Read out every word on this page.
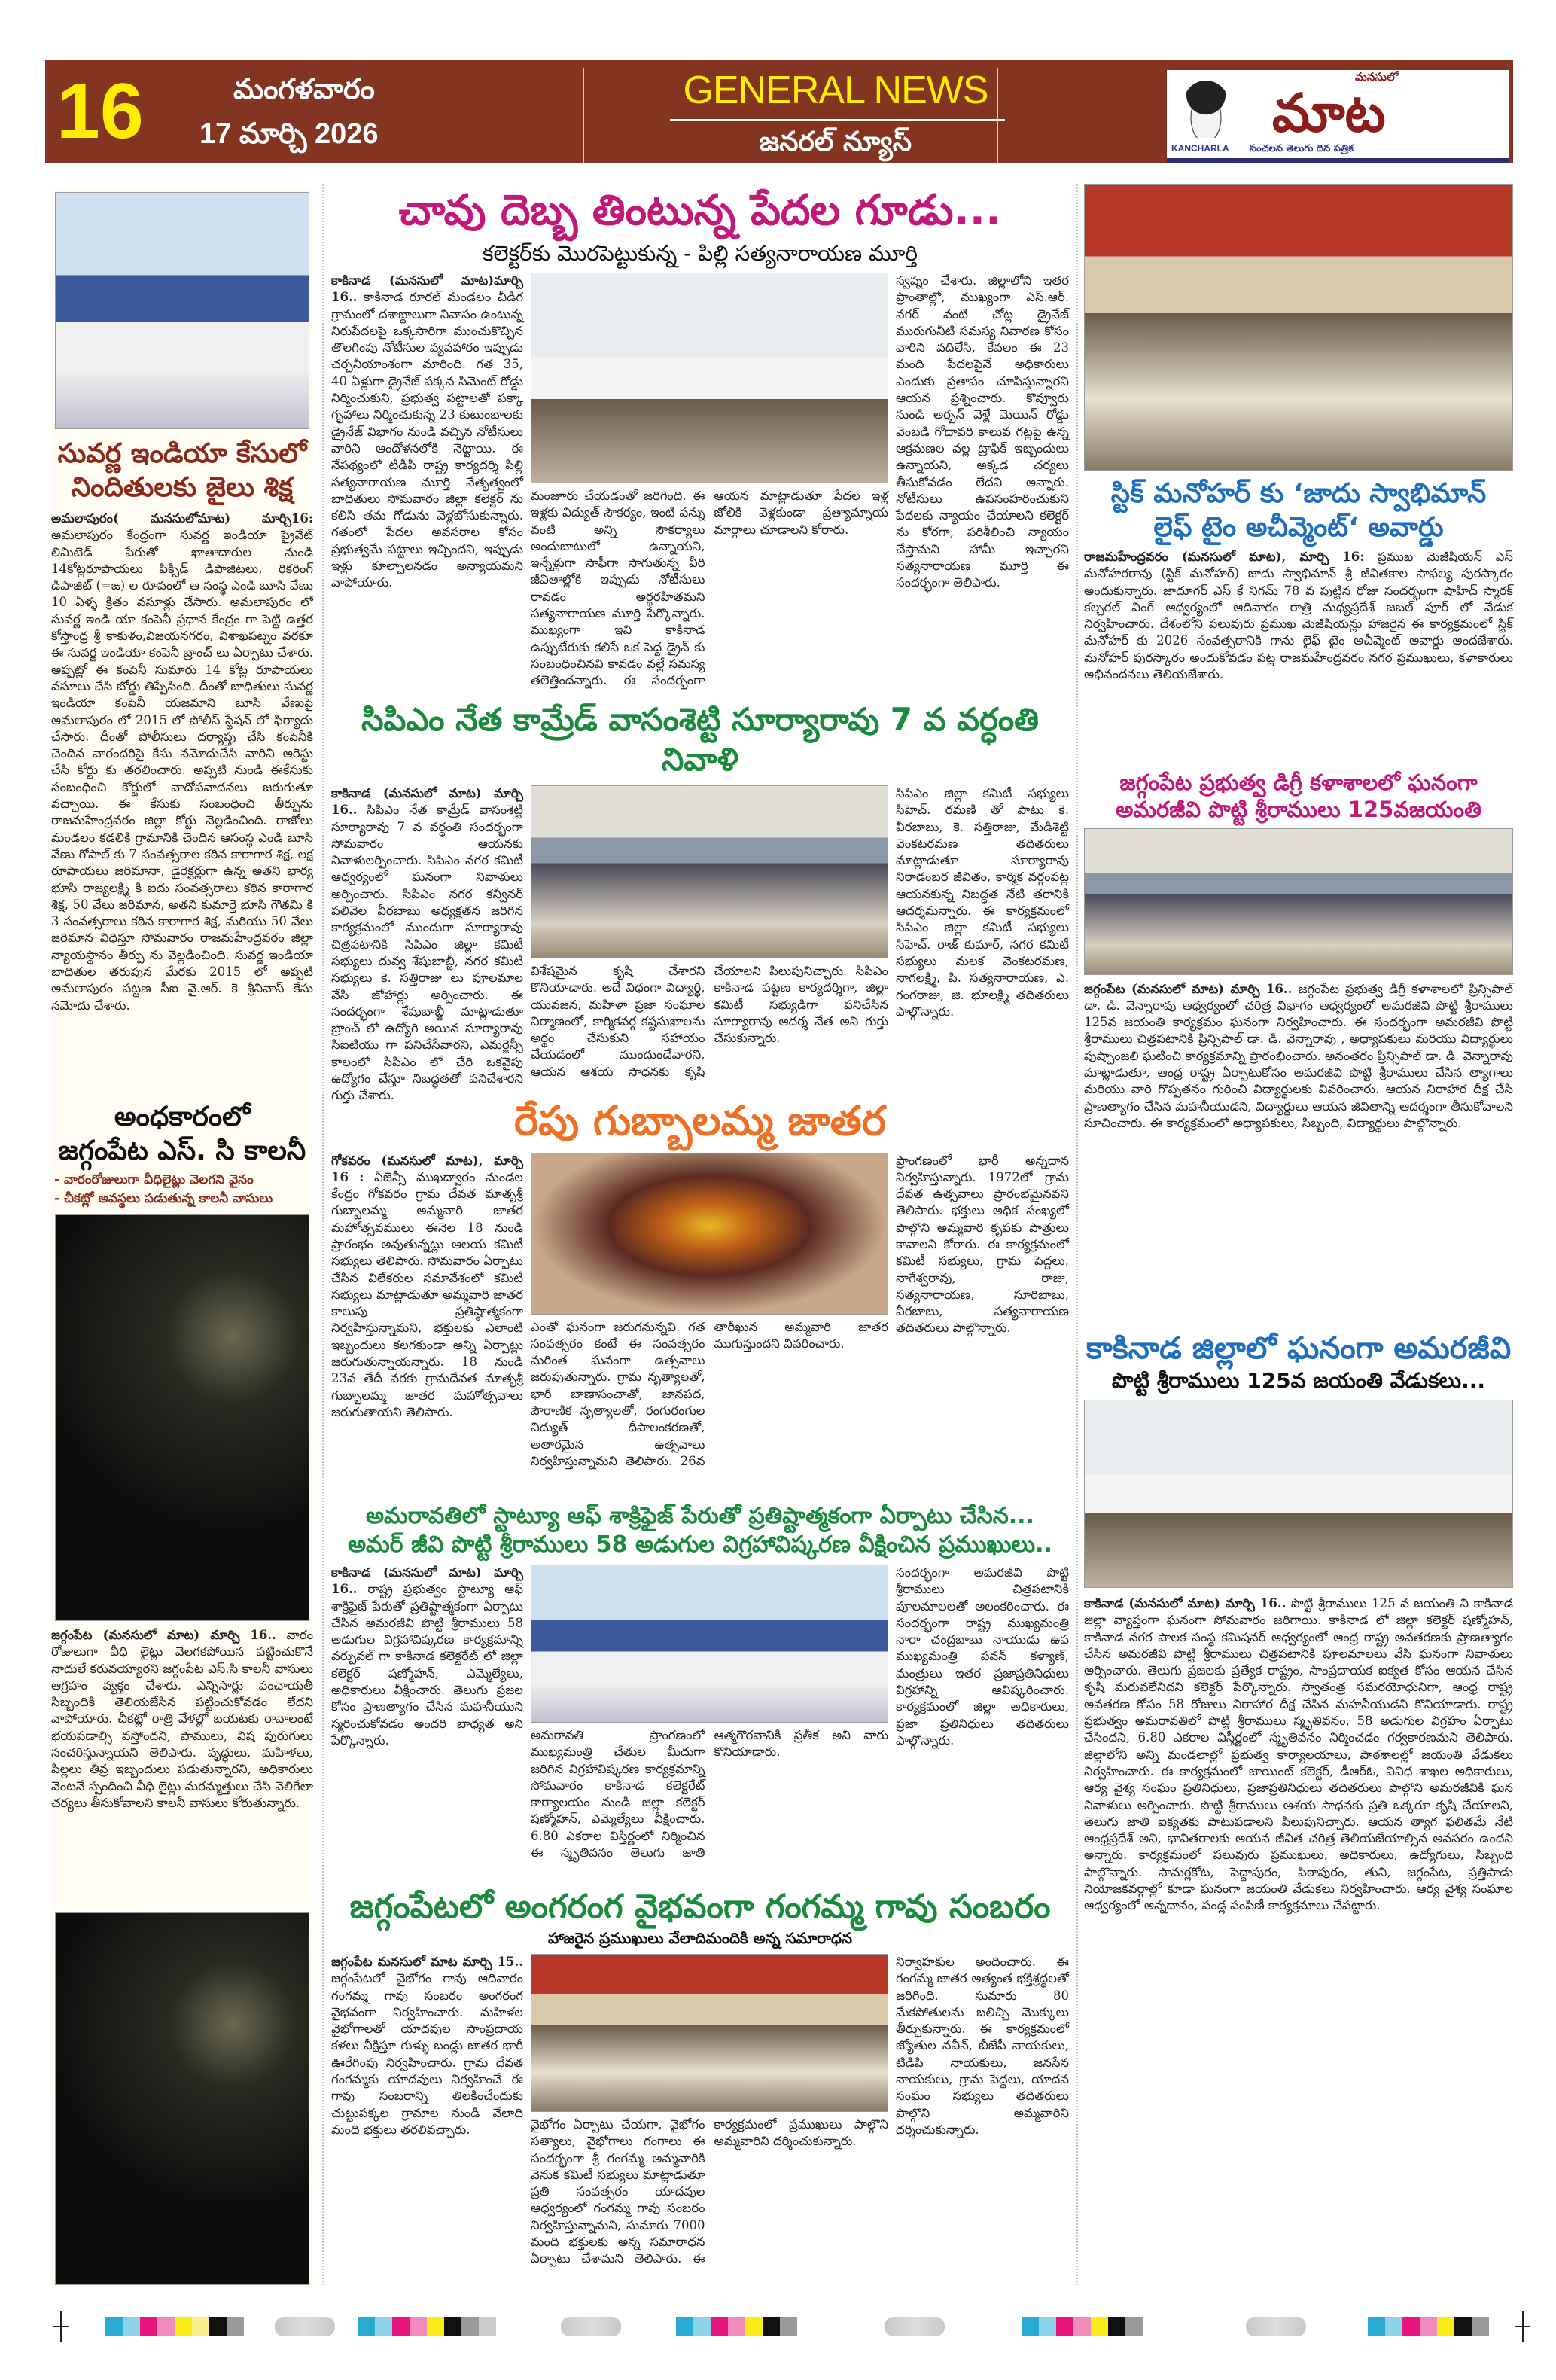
16	మంగళవారం
17 మార్చి 2026
GENERAL NEWS
జనరల్ న్యూస్
మనసులో
మాట
KANCHARLA సంచలన తెలుగు దిన పత్రిక
సువర్ణ ఇండియా కేసులో
నిందితులకు జైలు శిక్ష
అమలాపురం( మనసులోమాట) మార్చి16: అమలాపురం కేంద్రంగా సువర్ణ ఇండియా ప్రైవేట్ లిమిటెడ్ పేరుతో ఖాతాదారుల నుండి 14కోట్లరూపాయలు ఫిక్సిడ్ డిపాజిటలు, రికరింగ్ డిపాజిట్ (=ఙ) ల రూపంలో ఆ సంస్థ ఎండి బూసి వేణు 10 ఏళ్ళ క్రితం వసూళ్లు చేసారు. అమలాపురం లో సువర్ణ ఇండి యా కంపెనీ ప్రధాన కేంద్రం గా పెట్టి ఉత్తర కోస్తాంధ్ర శ్రీ కాకుళం,విజయనగరం, విశాఖపట్నం వరకూ ఈ సువర్ణ ఇండియా కంపెనీ బ్రాంచ్ లు ఏర్పాటు చేశారు. అప్పట్లో ఈ కంపెనీ సుమారు 14 కోట్ల రూపాయలు వసూలు చేసి బోర్డు తిప్పేసింది. దీంతో బాధితులు సువర్ణ ఇండియా కంపెనీ యజమాని బూసి వేణుపై అమలాపురం లో 2015 లో పోలీస్ స్టేషన్ లో ఫిర్యాదు చేసారు. దీంతో పోలీసులు దర్యాప్తు చేసి కంపెనీకి చెందిన వారందరిపై కేసు నమోదుచేసి వారిని అరెస్టు చేసి కోర్టు కు తరలించారు. అప్పటి నుండి ఈకేసుకు సంబంధించి కోర్టులో వాదోపవాదనలు జరుగుతూ వచ్చాయి. ఈ కేసుకు సంబంధించి తీర్పును రాజమహేంద్రవరం జిల్లా కోర్టు వెల్లడించింది. రాజోలు మండలం కడలికి గ్రామానికి చెందిన ఆసంస్థ ఎండి బూసి వేణు గోపాల్ కు 7 సంవత్సరాల కఠిన కారాగార శిక్ష, లక్ష రూపాయలు జరిమానా, డైరెక్టర్లుగా ఉన్న అతని భార్య భూసి రాజ్యలక్ష్మి కి ఐదు సంవత్సరాలు కఠిన కారాగార శిక్ష, 50 వేలు జరిమాన, అతని కుమార్తె భూసి గౌతమి కి 3 సంవత్సరాలు కఠిన కారాగార శిక్ష, మరియు 50 వేలు జరిమాన విధిస్తూ సోమవారం రాజమహేంద్రవరం జిల్లా న్యాయస్థానం తీర్పు ను వెల్లడించింది. సువర్ణ ఇండియా బాధితుల తరుపున మేరకు 2015 లో అప్పటి అమలాపురం పట్టణ సీఐ వై.ఆర్. కె శ్రీనివాస్ కేసు నమోదు చేశారు.
అంధకారంలో
జగ్గంపేట ఎస్. సి కాలనీ
- వారంరోజులుగా వీధిలైట్లు వెలగని వైనం
- చీకట్లో అవస్థలు పడుతున్న కాలనీ వాసులు
జగ్గంపేట (మనసులో మాట) మార్చి 16.. వారం రోజులుగా వీధి లైట్లు వెలగకపోయిన పట్టించుకొనే నాదులే కరువయ్యారని జగ్గంపేట ఎస్.సి కాలనీ వాసులు ఆగ్రహం వ్యక్తం చేశారు. ఎన్నిసార్లు పంచాయతీ సిబ్బందికి తెలియజేసిన పట్టించుకోవడం లేదని వాపోయారు. చీకట్లో రాత్రి వేళల్లో బయటకు రావాలంటే భయపడాల్సి వస్తోందని, పాములు, విష పురుగులు సంచరిస్తున్నాయని తెలిపారు. వృద్ధులు, మహిళలు, పిల్లలు తీవ్ర ఇబ్బందులు పడుతున్నారని, అధికారులు వెంటనే స్పందించి వీధి లైట్లు మరమ్మత్తులు చేసి వెలిగేలా చర్యలు తీసుకోవాలని కాలనీ వాసులు కోరుతున్నారు.
చావు దెబ్బ తింటున్న పేదల గూడు...
కలెక్టర్‌కు మొరపెట్టుకున్న - పిల్లి సత్యనారాయణ మూర్తి
కాకినాడ (మనసులో మాట)మార్చి 16.. కాకినాడ రూరల్ మండలం చీడిగ గ్రామంలో దశాబ్దాలుగా నివాసం ఉంటున్న నిరుపేదలపై ఒక్కసారిగా ముంచుకొచ్చిన తొలగింపు నోటీసుల వ్యవహారం ఇప్పుడు చర్చనీయాంశంగా మారింది. గత 35, 40 ఏళ్లుగా డ్రైనేజ్ పక్కన సిమెంట్ రోడ్డు నిర్మించుకుని, ప్రభుత్వ పట్టాలతో పక్కా గృహాలు నిర్మించుకున్న 23 కుటుంబాలకు డ్రైనేజ్ విభాగం నుండి వచ్చిన నోటీసులు వారిని ఆందోళనలోకి నెట్టాయి. ఈ నేపథ్యంలో టీడీపీ రాష్ట్ర కార్యదర్శి పిల్లి సత్యనారాయణ మూర్తి నేతృత్వంలో బాధితులు సోమవారం జిల్లా కలెక్టర్ ను కలిసి తమ గోడును వెళ్లబోసుకున్నారు. గతంలో పేదల అవసరాల కోసం ప్రభుత్వమే పట్టాలు ఇచ్చిందని, ఇప్పుడు ఇళ్లు కూల్చాలనడం అన్యాయమని వాపోయారు.
మంజూరు చేయడంతో జరిగింది. ఈ ఇళ్లకు విద్యుత్ సౌకర్యం, ఇంటి పన్ను వంటి అన్ని సౌకర్యాలు అందుబాటులో ఉన్నాయని, ఇన్నేళ్లుగా సాఫీగా సాగుతున్న వీరి జీవితాల్లోకి ఇప్పుడు నోటీసులు రావడం అర్థరహితమని సత్యనారాయణ మూర్తి పేర్కొన్నారు. ముఖ్యంగా ఇవి కాకినాడ ఉప్పుటేరుకు కలిసే ఒక పెద్ద డ్రైన్ కు సంబంధించినవి కావడం వల్లే సమస్య తలెత్తిందన్నారు. ఈ సందర్భంగా ఆయన మాట్లాడుతూ పేదల ఇళ్ల జోలికి వెళ్లకుండా ప్రత్యామ్నాయ మార్గాలు చూడాలని కోరారు.
స్వప్నం చేశారు. జిల్లాలోని ఇతర ప్రాంతాల్లో, ముఖ్యంగా ఎస్.ఆర్. నగర్ వంటి చోట్ల డ్రైనేజ్ మురుగునీటి సమస్య నివారణ కోసం వారిని వదిలేసి, కేవలం ఈ 23 మంది పేదలపైనే అధికారులు ఎందుకు ప్రతాపం చూపిస్తున్నారని ఆయన ప్రశ్నించారు. కొవ్వూరు నుండి అర్బన్ వెళ్లే మెయిన్ రోడ్డు వెంబడి గోదావరి కాలువ గట్లపై ఉన్న ఆక్రమణల వల్ల ట్రాఫిక్ ఇబ్బందులు ఉన్నాయని, అక్కడ చర్యలు తీసుకోవడం లేదని అన్నారు. నోటీసులు ఉపసంహరించుకుని పేదలకు న్యాయం చేయాలని కలెక్టర్ ను కోరగా, పరిశీలించి న్యాయం చేస్తామని హామీ ఇచ్చారని సత్యనారాయణ మూర్తి ఈ సందర్భంగా తెలిపారు.
సిపిఎం నేత కామ్రేడ్ వాసంశెట్టి సూర్యారావు 7 వ వర్ధంతి నివాళి
కాకినాడ (మనసులో మాట) మార్చి 16.. సిపిఎం నేత కామ్రేడ్ వాసంశెట్టి సూర్యారావు 7 వ వర్ధంతి సందర్భంగా సోమవారం ఆయనకు నివాళులర్పించారు. సిపిఎం నగర కమిటీ ఆధ్వర్యంలో ఘనంగా నివాళులు అర్పించారు. సిపిఎం నగర కన్వీనర్ పలివెల వీరబాబు అధ్యక్షతన జరిగిన కార్యక్రమంలో ముందుగా సూర్యారావు చిత్రపటానికి సిపిఎం జిల్లా కమిటీ సభ్యులు దువ్వ శేషుబాబ్జీ, నగర కమిటీ సభ్యులు కె. సత్తిరాజు లు పూలమాల వేసి జోహార్లు అర్పించారు. ఈ సందర్భంగా శేషుబాబ్జీ మాట్లాడుతూ బ్రాంచ్ లో ఉద్యోగి అయిన సూర్యారావు సిఐటియు గా పనిచేసేవారని, ఎమర్జెన్సీ కాలంలో సిపిఎం లో చేరి ఒకవైపు ఉద్యోగం చేస్తూ నిబద్ధతతో పనిచేశారని గుర్తు చేశారు.
విశేషమైన కృషి చేశారని కొనియాడారు. అదే విధంగా విద్యార్థి, యువజన, మహిళా ప్రజా సంఘాల నిర్మాణంలో, కార్మికవర్గ కష్టసుఖాలను అర్థం చేసుకుని సహాయం చేయడంలో ముందుండేవారని, ఆయన ఆశయ సాధనకు కృషి చేయాలని పిలుపునిచ్చారు. సిపిఎం కాకినాడ పట్టణ కార్యదర్శిగా, జిల్లా కమిటీ సభ్యుడిగా పనిచేసిన సూర్యారావు ఆదర్శ నేత అని గుర్తు చేసుకున్నారు.
సిపిఎం జిల్లా కమిటీ సభ్యులు సిహెచ్. రమణి తో పాటు కె. వీరబాబు, కె. సత్తిరాజు, మేడిశెట్టి వెంకటరమణ తదితరులు మాట్లాడుతూ సూర్యారావు నిరాడంబర జీవితం, కార్మిక వర్గంపట్ల ఆయనకున్న నిబద్ధత నేటి తరానికి ఆదర్శమన్నారు. ఈ కార్యక్రమంలో సిపిఎం జిల్లా కమిటీ సభ్యులు సిహెచ్. రాజ్ కుమార్, నగర కమిటీ సభ్యులు మలక వెంకటరమణ, నాగలక్ష్మి, పి. సత్యనారాయణ, ఎ. గంగరాజు, జి. భూలక్ష్మి తదితరులు పాల్గొన్నారు.
రేపు గుబ్బాలమ్మ జాతర
గోకవరం (మనసులో మాట), మార్చి 16 : ఏజెన్సీ ముఖద్వారం మండల కేంద్రం గోకవరం గ్రామ దేవత మాతృశ్రీ గుబ్బాలమ్మ అమ్మవారి జాతర మహోత్సవములు ఈనెల 18 నుండి ప్రారంభం అవుతున్నట్లు ఆలయ కమిటీ సభ్యులు తెలిపారు. సోమవారం ఏర్పాటు చేసిన విలేకరుల సమావేశంలో కమిటీ సభ్యులు మాట్లాడుతూ అమ్మవారి జాతర కాలుపు ప్రతిష్ఠాత్మకంగా నిర్వహిస్తున్నామని, భక్తులకు ఎలాంటి ఇబ్బందులు కలగకుండా అన్ని ఏర్పాట్లు జరుగుతున్నాయన్నారు. 18 నుండి 23వ తేదీ వరకు గ్రామదేవత మాతృశ్రీ గుబ్బాలమ్మ జాతర మహోత్సవాలు జరుగుతాయని తెలిపారు.
ఎంతో ఘనంగా జరుగనున్నవి. గత సంవత్సరం కంటే ఈ సంవత్సరం మరింత ఘనంగా ఉత్సవాలు జరుపుతున్నారు. గ్రామ నృత్యాలతో, భారీ బాణాసంచాతో, జానపద, పౌరాణిక నృత్యాలతో, రంగురంగుల విద్యుత్ దీపాలంకరణతో, అతారమైన ఉత్సవాలు నిర్వహిస్తున్నామని తెలిపారు. 26వ తారీఖున అమ్మవారి జాతర ముగుస్తుందని వివరించారు.
ప్రాంగణంలో భారీ అన్నదాన నిర్వహిస్తున్నారు. 1972లో గ్రామ దేవత ఉత్సవాలు ప్రారంభమైనవని తెలిపారు. భక్తులు అధిక సంఖ్యలో పాల్గొని అమ్మవారి కృపకు పాత్రులు కావాలని కోరారు. ఈ కార్యక్రమంలో కమిటీ సభ్యులు, గ్రామ పెద్దలు, నాగేశ్వరావు, రాజు, సత్యనారాయణ, సూరిబాబు, వీరబాబు, సత్యనారాయణ తదితరులు పాల్గొన్నారు.
అమరావతిలో స్టాట్యూ ఆఫ్ శాక్రిఫైజ్ పేరుతో ప్రతిష్టాత్మకంగా ఏర్పాటు చేసిన...
అమర్ జీవి పొట్టి శ్రీరాములు 58 అడుగుల విగ్రహావిష్కరణ వీక్షించిన ప్రముఖులు..
కాకినాడ (మనసులో మాట) మార్చి 16.. రాష్ట్ర ప్రభుత్వం స్టాట్యూ ఆఫ్ శాక్రిఫైజ్ పేరుతో ప్రతిష్టాత్మకంగా ఏర్పాటు చేసిన అమరజీవి పొట్టి శ్రీరాములు 58 అడుగుల విగ్రహావిష్కరణ కార్యక్రమాన్ని వర్చువల్ గా కాకినాడ కలెక్టరేట్ లో జిల్లా కలెక్టర్ షణ్మోహన్, ఎమ్మెల్యేలు, అధికారులు వీక్షించారు. తెలుగు ప్రజల కోసం ప్రాణత్యాగం చేసిన మహనీయుని స్మరించుకోవడం అందరి బాధ్యత అని పేర్కొన్నారు.	అమరావతి ప్రాంగణంలో ముఖ్యమంత్రి చేతుల మీదుగా జరిగిన విగ్రహావిష్కరణ కార్యక్రమాన్ని సోమవారం కాకినాడ కలెక్టరేట్ కార్యాలయం నుండి జిల్లా కలెక్టర్ షణ్మోహన్, ఎమ్మెల్యేలు వీక్షించారు. 6.80 ఎకరాల విస్తీర్ణంలో నిర్మించిన ఈ స్మృతివనం తెలుగు జాతి ఆత్మగౌరవానికి ప్రతీక అని వారు కొనియాడారు.
సందర్భంగా అమరజీవి పొట్టి శ్రీరాములు చిత్రపటానికి పూలమాలలతో అలంకరించారు. ఈ సందర్భంగా రాష్ట్ర ముఖ్యమంత్రి నారా చంద్రబాబు నాయుడు ఉప ముఖ్యమంత్రి పవన్ కళ్యాణ్, మంత్రులు ఇతర ప్రజాప్రతినిధులు విగ్రహాన్ని ఆవిష్కరించారు. కార్యక్రమంలో జిల్లా అధికారులు, ప్రజా ప్రతినిధులు తదితరులు పాల్గొన్నారు.
జగ్గంపేటలో అంగరంగ వైభవంగా గంగమ్మ గావు సంబరం
హాజరైన ప్రముఖులు వేలాదిమందికి అన్న సమారాధన
జగ్గంపేట మనసులో మాట మార్చి 15.. జగ్గంపేటలో వైభోగం గావు ఆదివారం గంగమ్మ గావు సంబరం అంగరంగ వైభవంగా నిర్వహించారు. మహిళల వైభోగాలతో యాదవుల సాంప్రదాయ కళలు వీక్షిస్తూ గుళ్ళు బండ్లు జాతర భారీ ఊరేగింపు నిర్వహించారు. గ్రామ దేవత గంగమ్మకు యాదవులు నిర్వహించే ఈ గావు సంబరాన్ని తిలకించేందుకు చుట్టుపక్కల గ్రామాల నుండి వేలాది మంది భక్తులు తరలివచ్చారు.	వైభోగం ఏర్పాటు చేయగా, వైభోగం సత్యాలు, వైభోగాలు గంగాలు ఈ సందర్భంగా శ్రీ గంగమ్మ అమ్మవారికి వెనుక కమిటీ సభ్యులు మాట్లాడుతూ ప్రతి సంవత్సరం యాదవుల ఆధ్వర్యంలో గంగమ్మ గావు సంబరం నిర్వహిస్తున్నామని, సుమారు 7000 మంది భక్తులకు అన్న సమారాధన ఏర్పాటు చేశామని తెలిపారు. ఈ కార్యక్రమంలో ప్రముఖులు పాల్గొని అమ్మవారిని దర్శించుకున్నారు.
నిర్వాహకుల అందించారు. ఈ గంగమ్మ జాతర అత్యంత భక్తిశ్రద్ధలతో జరిగింది. సుమారు 80 మేకపోతులను బలిచ్చి మొక్కులు తీర్చుకున్నారు. ఈ కార్యక్రమంలో జ్యోతుల నవీన్, బీజేపీ నాయకులు, టిడిపి నాయకులు, జనసేన నాయకులు, గ్రామ పెద్దలు, యాదవ సంఘం సభ్యులు తదితరులు పాల్గొని అమ్మవారిని దర్శించుకున్నారు.
స్టిక్ మనోహర్ కు ‘జాదు స్వాభిమాన్
లైఫ్ టైం అచీవ్మెంట్‘ అవార్డు
రాజమహేంద్రవరం (మనసులో మాట), మార్చి 16: ప్రముఖ మెజీషియన్ ఎస్ మనోహరరావు (స్టిక్ మనోహర్) జాదు స్వాభిమాన్ శ్రీ జీవితకాల సాఫల్య పురస్కారం అందుకున్నారు. జాదూగర్ ఎస్ కే నిగమ్ 78 వ పుట్టిన రోజు సందర్భంగా షాహిద్ స్మారక్ కల్చరల్ వింగ్ ఆధ్వర్యంలో ఆదివారం రాత్రి మధ్యప్రదేశ్ జబల్ పూర్ లో వేడుక నిర్వహించారు. దేశంలోని పలువురు ప్రముఖ మెజీషియన్లు హాజరైన ఈ కార్యక్రమంలో స్టిక్ మనోహర్ కు 2026 సంవత్సరానికి గాను లైఫ్ టైం అచీవ్మెంట్ అవార్డు అందజేశారు. మనోహర్ పురస్కారం అందుకోవడం పట్ల రాజమహేంద్రవరం నగర ప్రముఖులు, కళాకారులు అభినందనలు తెలియజేశారు.
జగ్గంపేట ప్రభుత్వ డిగ్రీ కళాశాలలో ఘనంగా
అమరజీవి పొట్టి శ్రీరాములు 125వజయంతి
జగ్గంపేట (మనసులో మాట) మార్చి 16.. జగ్గంపేట ప్రభుత్వ డిగ్రీ కళాశాలలో ప్రిన్సిపాల్ డా. డి. వెన్నారావు ఆధ్వర్యంలో చరిత్ర విభాగం ఆధ్వర్యంలో అమరజీవి పొట్టి శ్రీరాములు 125వ జయంతి కార్యక్రమం ఘనంగా నిర్వహించారు. ఈ సందర్భంగా అమరజీవి పొట్టి శ్రీరాములు చిత్రపటానికి ప్రిన్సిపాల్ డా. డి. వెన్నారావు , అధ్యాపకులు మరియు విద్యార్థులు పుష్పాంజలి ఘటించి కార్యక్రమాన్ని ప్రారంభించారు. అనంతరం ప్రిన్సిపాల్ డా. డి. వెన్నారావు మాట్లాడుతూ, ఆంధ్ర రాష్ట్ర ఏర్పాటుకోసం అమరజీవి పొట్టి శ్రీరాములు చేసిన త్యాగాలు మరియు వారి గొప్పతనం గురించి విద్యార్థులకు వివరించారు. ఆయన నిరాహార దీక్ష చేసి ప్రాణత్యాగం చేసిన మహనీయుడని, విద్యార్థులు ఆయన జీవితాన్ని ఆదర్శంగా తీసుకోవాలని సూచించారు. ఈ కార్యక్రమంలో అధ్యాపకులు, సిబ్బంది, విద్యార్థులు పాల్గొన్నారు.
కాకినాడ జిల్లాలో ఘనంగా అమరజీవి
పొట్టి శ్రీరాములు 125వ జయంతి వేడుకలు...
కాకినాడ (మనసులో మాట) మార్చి 16.. పొట్టి శ్రీరాములు 125 వ జయంతి ని కాకినాడ జిల్లా వ్యాప్తంగా ఘనంగా సోమవారం జరిగాయి. కాకినాడ లో జిల్లా కలెక్టర్ షణ్మోహన్, కాకినాడ నగర పాలక సంస్థ కమిషనర్ ఆధ్వర్యంలో ఆంధ్ర రాష్ట్ర అవతరణకు ప్రాణత్యాగం చేసిన అమరజీవి పొట్టి శ్రీరాములు చిత్రపటానికి పూలమాలలు వేసి ఘనంగా నివాళులు అర్పించారు. తెలుగు ప్రజలకు ప్రత్యేక రాష్ట్రం, సాంప్రదాయక ఐక్యత కోసం ఆయన చేసిన కృషి మరువలేనిదని కలెక్టర్ పేర్కొన్నారు. స్వాతంత్ర సమరయోధునిగా, ఆంధ్ర రాష్ట్ర అవతరణ కోసం 58 రోజులు నిరాహార దీక్ష చేసిన మహనీయుడని కొనియాడారు. రాష్ట్ర ప్రభుత్వం అమరావతిలో పొట్టి శ్రీరాములు స్మృతివనం, 58 అడుగుల విగ్రహం ఏర్పాటు చేసిందని, 6.80 ఎకరాల విస్తీర్ణంలో స్మృతివనం నిర్మించడం గర్వకారణమని తెలిపారు. జిల్లాలోని అన్ని మండలాల్లో ప్రభుత్వ కార్యాలయాలు, పాఠశాలల్లో జయంతి వేడుకలు నిర్వహించారు. ఈ కార్యక్రమంలో జాయింట్ కలెక్టర్, డీఆర్ఓ, వివిధ శాఖల అధికారులు, ఆర్య వైశ్య సంఘం ప్రతినిధులు, ప్రజాప్రతినిధులు తదితరులు పాల్గొని అమరజీవికి ఘన నివాళులు అర్పించారు. పొట్టి శ్రీరాములు ఆశయ సాధనకు ప్రతి ఒక్కరూ కృషి చేయాలని, తెలుగు జాతి ఐక్యతకు పాటుపడాలని పిలుపునిచ్చారు. ఆయన త్యాగ ఫలితమే నేటి ఆంధ్రప్రదేశ్ అని, భావితరాలకు ఆయన జీవిత చరిత్ర తెలియజేయాల్సిన అవసరం ఉందని అన్నారు. కార్యక్రమంలో పలువురు ప్రముఖులు, అధికారులు, ఉద్యోగులు, సిబ్బంది పాల్గొన్నారు. సామర్లకోట, పెద్దాపురం, పిఠాపురం, తుని, జగ్గంపేట, ప్రత్తిపాడు నియోజకవర్గాల్లో కూడా ఘనంగా జయంతి వేడుకలు నిర్వహించారు. ఆర్య వైశ్య సంఘాల ఆధ్వర్యంలో అన్నదానం, పండ్ల పంపిణీ కార్యక్రమాలు చేపట్టారు.
